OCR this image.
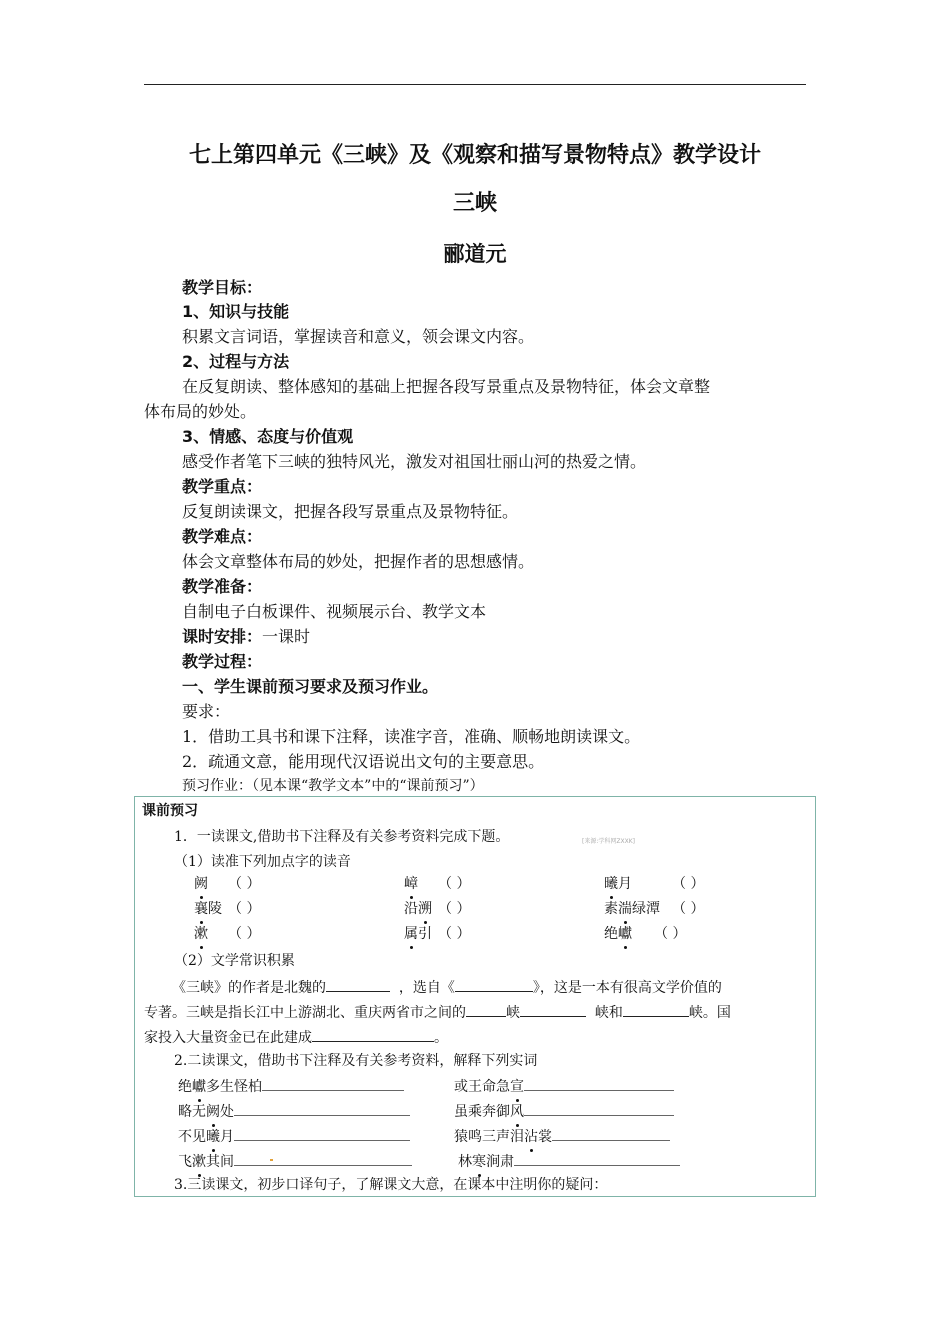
七上第四单元《三峡》及《观察和描写景物特点》教学设计
三峡
郦道元
教学目标：
1、知识与技能
积累文言词语，掌握读音和意义，领会课文内容。
2、过程与方法
在反复朗读、整体感知的基础上把握各段写景重点及景物特征，体会文章整
体布局的妙处。
3、情感、态度与价值观
感受作者笔下三峡的独特风光，激发对祖国壮丽山河的热爱之情。
教学重点：
反复朗读课文，把握各段写景重点及景物特征。
教学难点：
体会文章整体布局的妙处，把握作者的思想感情。
教学准备：
自制电子白板课件、视频展示台、教学文本
课时安排：一课时
教学过程：
一、学生课前预习要求及预习作业。
要求：
1．借助工具书和课下注释，读准字音，准确、顺畅地朗读课文。
2．疏通文意，能用现代汉语说出文句的主要意思。
预习作业：（见本课“教学文本”中的“课前预习”）
课前预习
1．一读课文,借助书下注释及有关参考资料完成下题。	[来源:学科网ZXXK]
（1）读准下列加点字的读音
阙 （ ）	嶂 （ ）	曦月	（ ）
襄陵 （ ）	沿溯 （ ）	素湍绿潭 （ ）
漱 （ ）	属引 （ ）	绝巘 （ ）
（2）文学常识积累
《三峡》的作者是北魏的	，选自《	》，这是一本有很高文学价值的
专著。三峡是指长江中上游湖北、重庆两省市之间的	峡	峡和	峡。国
家投入大量资金已在此建成	。
2.二读课文，借助书下注释及有关参考资料，解释下列实词
绝巘多生怪柏	或王命急宣
略无阙处	虽乘奔御风
不见曦月	猿鸣三声泪沾裳
飞漱其间	林寒涧肃
3.三读课文，初步口译句子，了解课文大意，在课本中注明你的疑问：
